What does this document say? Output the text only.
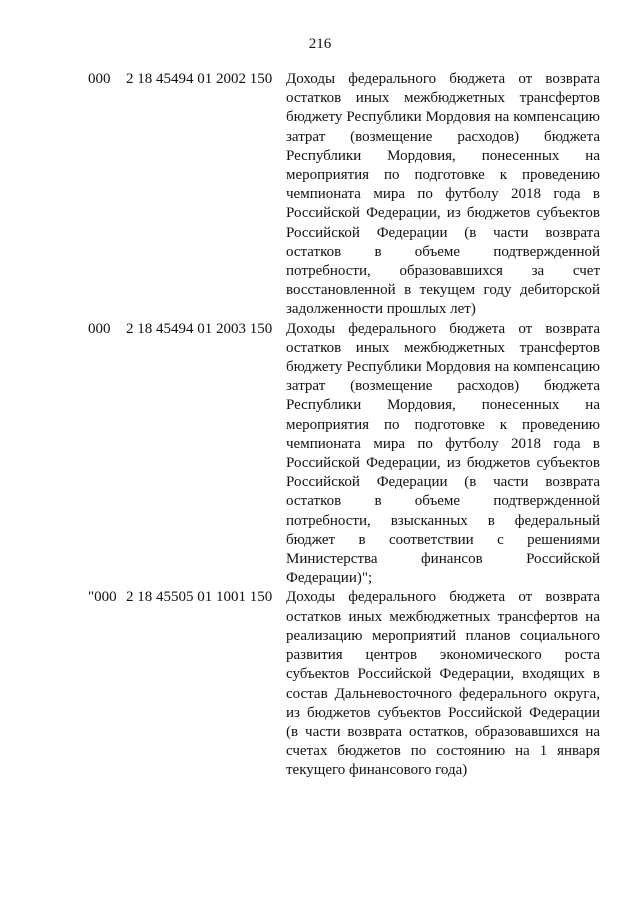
216
000	2 18 45494 01 2002 150 Доходы федерального бюджета от возврата остатков иных межбюджетных трансфертов бюджету Республики Мордовия на компенсацию затрат (возмещение расходов) бюджета Республики Мордовия, понесенных на мероприятия по подготовке к проведению чемпионата мира по футболу 2018 года в Российской Федерации, из бюджетов субъектов Российской Федерации (в части возврата остатков в объеме подтвержденной потребности, образовавшихся за счет восстановленной в текущем году дебиторской задолженности прошлых лет)
000	2 18 45494 01 2003 150 Доходы федерального бюджета от возврата остатков иных межбюджетных трансфертов бюджету Республики Мордовия на компенсацию затрат (возмещение расходов) бюджета Республики Мордовия, понесенных на мероприятия по подготовке к проведению чемпионата мира по футболу 2018 года в Российской Федерации, из бюджетов субъектов Российской Федерации (в части возврата остатков в объеме подтвержденной потребности, взысканных в федеральный бюджет в соответствии с решениями Министерства финансов Российской Федерации)";
"000 2 18 45505 01 1001 150 Доходы федерального бюджета от возврата остатков иных межбюджетных трансфертов на реализацию мероприятий планов социального развития центров экономического роста субъектов Российской Федерации, входящих в состав Дальневосточного федерального округа, из бюджетов субъектов Российской Федерации (в части возврата остатков, образовавшихся на счетах бюджетов по состоянию на 1 января текущего финансового года)
